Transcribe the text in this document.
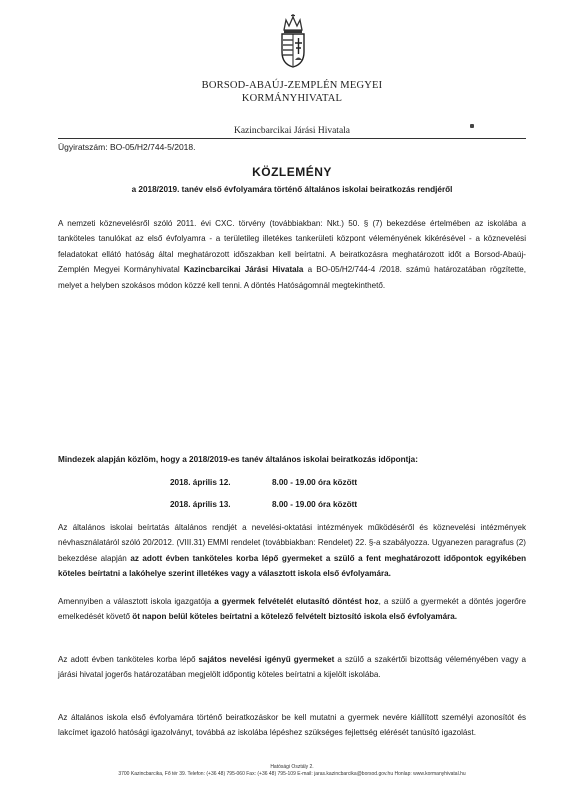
BORSOD-ABAÚJ-ZEMPLÉN MEGYEI
KORMÁNYHIVATAL
Kazincbarcikai Járási Hivatala
Ügyiratszám: BO-05/H2/744-5/2018.
KÖZLEMÉNY
a 2018/2019. tanév első évfolyamára történő általános iskolai beiratkozás rendjéről
A nemzeti köznevelésről szóló 2011. évi CXC. törvény (továbbiakban: Nkt.) 50. § (7) bekezdése értelmében az iskolába a tanköteles tanulókat az első évfolyamra - a területileg illetékes tankerületi központ véleményének kikérésével - a köznevelési feladatokat ellátó hatóság által meghatározott időszakban kell beírtatni. A beiratkozásra meghatározott időt a Borsod-Abaúj-Zemplén Megyei Kormányhivatal Kazincbarcikai Járási Hivatala a BO-05/H2/744-4 /2018. számú határozatában rögzítette, melyet a helyben szokásos módon közzé kell tenni. A döntés Hatóságomnál megtekinthető.
Mindezek alapján közlöm, hogy a 2018/2019-es tanév általános iskolai beiratkozás időpontja:
2018. április 12.	8.00 - 19.00 óra között
2018. április 13.	8.00 - 19.00 óra között
Az általános iskolai beírtatás általános rendjét a nevelési-oktatási intézmények működéséről és köznevelési intézmények névhasználatáról szóló 20/2012. (VIII.31) EMMI rendelet (továbbiakban: Rendelet) 22. §-a szabályozza. Ugyanezen paragrafus (2) bekezdése alapján az adott évben tanköteles korba lépő gyermeket a szülő a fent meghatározott időpontok egyikében köteles beírtatni a lakóhelye szerint illetékes vagy a választott iskola első évfolyamára.
Amennyiben a választott iskola igazgatója a gyermek felvételét elutasító döntést hoz, a szülő a gyermekét a döntés jogerőre emelkedését követő öt napon belül köteles beírtatni a kötelező felvételt biztosító iskola első évfolyamára.
Az adott évben tanköteles korba lépő sajátos nevelési igényű gyermeket a szülő a szakértői bizottság véleményében vagy a járási hivatal jogerős határozatában megjelölt időpontig köteles beírtatni a kijelölt iskolába.
Az általános iskola első évfolyamára történő beiratkozáskor be kell mutatni a gyermek nevére kiállított személyi azonosítót és lakcímet igazoló hatósági igazolványt, továbbá az iskolába lépéshez szükséges fejlettség elérését tanúsító igazolást.
Hatósági Osztály 2.
3700 Kazincbarcika, Fő tér 39. Telefon: (+36 48) 795-060 Fax: (+36 48) 795-109 E-mail: jaras.kazincbarcika@borsod.gov.hu Honlap: www.kormanyhivatal.hu
